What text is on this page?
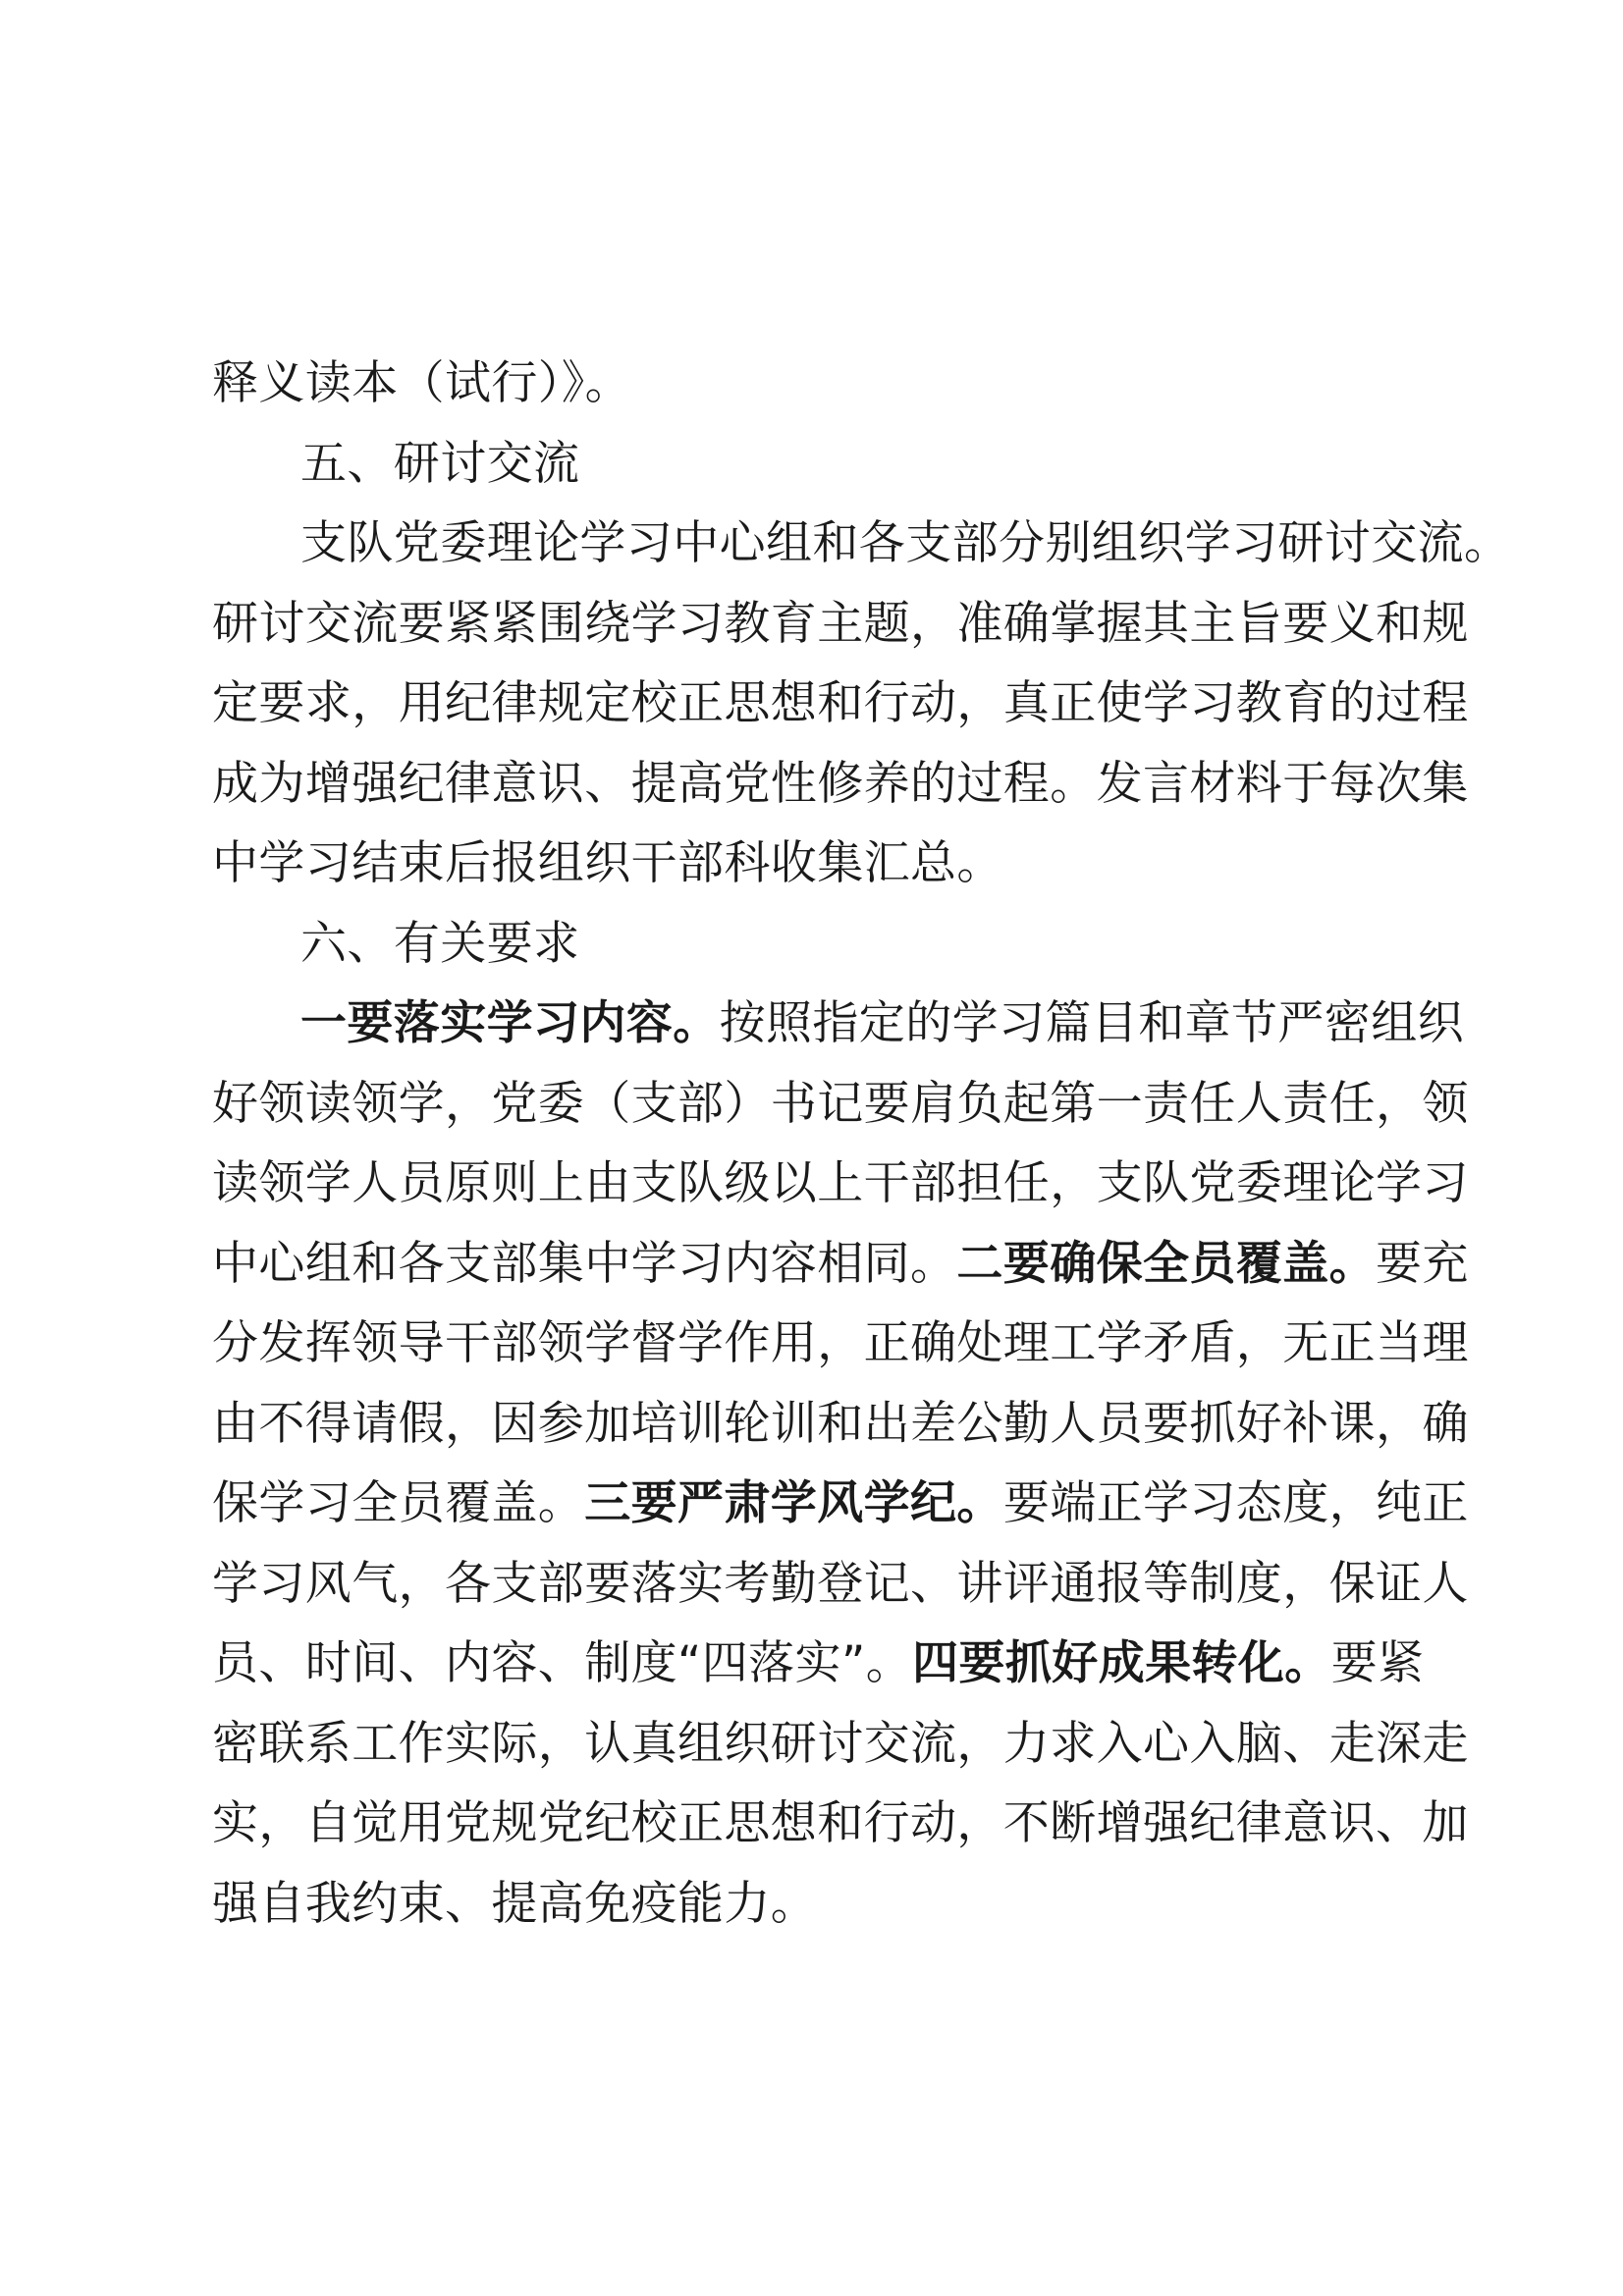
释义读本（试行）》。
五、研讨交流
支队党委理论学习中心组和各支部分别组织学习研讨交流。
研讨交流要紧紧围绕学习教育主题，准确掌握其主旨要义和规
定要求，用纪律规定校正思想和行动，真正使学习教育的过程
成为增强纪律意识、提高党性修养的过程。发言材料于每次集
中学习结束后报组织干部科收集汇总。
六、有关要求
一要落实学习内容。按照指定的学习篇目和章节严密组织
好领读领学，党委（支部）书记要肩负起第一责任人责任，领
读领学人员原则上由支队级以上干部担任，支队党委理论学习
中心组和各支部集中学习内容相同。二要确保全员覆盖。要充
分发挥领导干部领学督学作用，正确处理工学矛盾，无正当理
由不得请假，因参加培训轮训和出差公勤人员要抓好补课，确
保学习全员覆盖。三要严肃学风学纪。要端正学习态度，纯正
学习风气，各支部要落实考勤登记、讲评通报等制度，保证人
员、时间、内容、制度“四落实”。四要抓好成果转化。要紧
密联系工作实际，认真组织研讨交流，力求入心入脑、走深走
实，自觉用党规党纪校正思想和行动，不断增强纪律意识、加
强自我约束、提高免疫能力。
